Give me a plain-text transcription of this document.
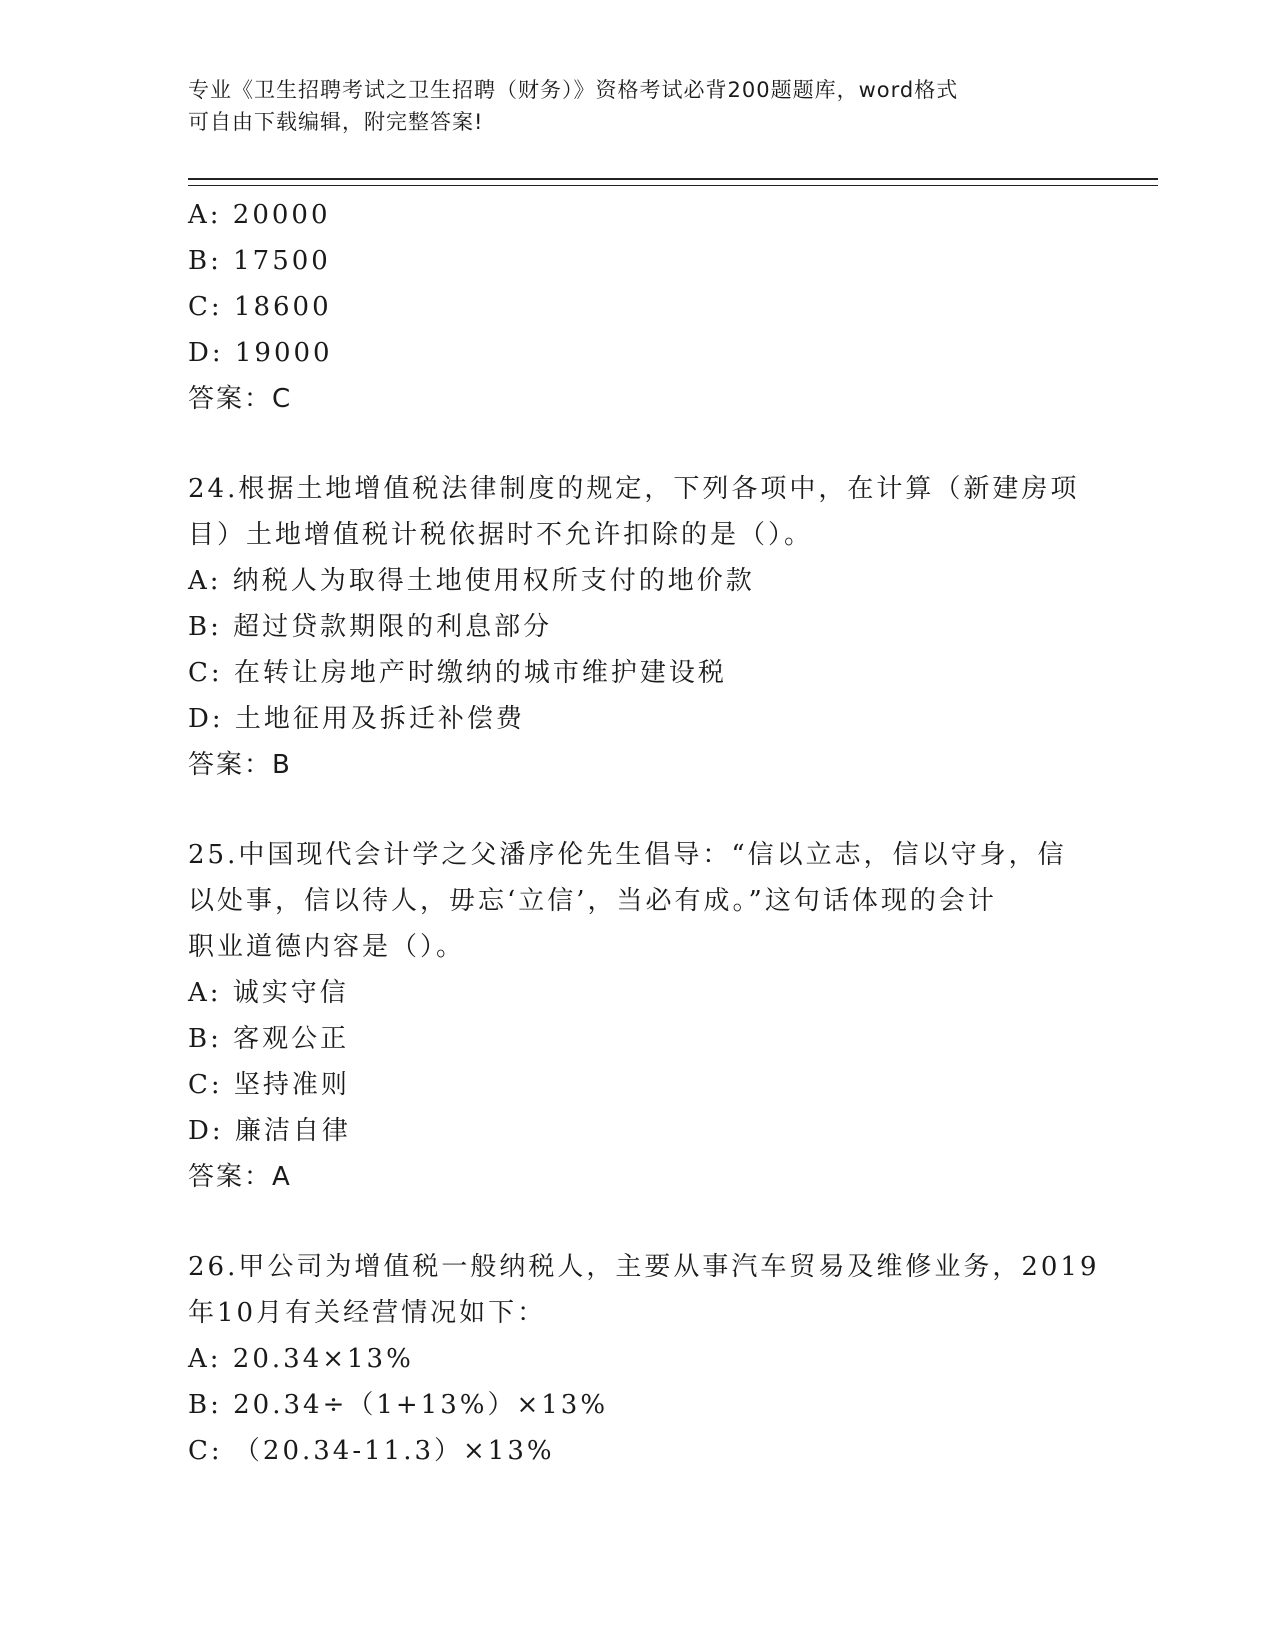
专业《卫生招聘考试之卫生招聘（财务）》资格考试必背200题题库，word格式
可自由下载编辑，附完整答案!
A: 20000
B: 17500
C: 18600
D: 19000
答案：C
24.根据土地增值税法律制度的规定，下列各项中，在计算（新建房项
目）土地增值税计税依据时不允许扣除的是（）。
A: 纳税人为取得土地使用权所支付的地价款
B: 超过贷款期限的利息部分
C: 在转让房地产时缴纳的城市维护建设税
D: 土地征用及拆迁补偿费
答案：B
25.中国现代会计学之父潘序伦先生倡导：“信以立志，信以守身，信
以处事，信以待人，毋忘‘立信’，当必有成。”这句话体现的会计
职业道德内容是（）。
A: 诚实守信
B: 客观公正
C: 坚持准则
D: 廉洁自律
答案：A
26.甲公司为增值税一般纳税人，主要从事汽车贸易及维修业务，2019
年10月有关经营情况如下：
A: 20.34×13%
B: 20.34÷（1+13%）×13%
C: （20.34-11.3）×13%
